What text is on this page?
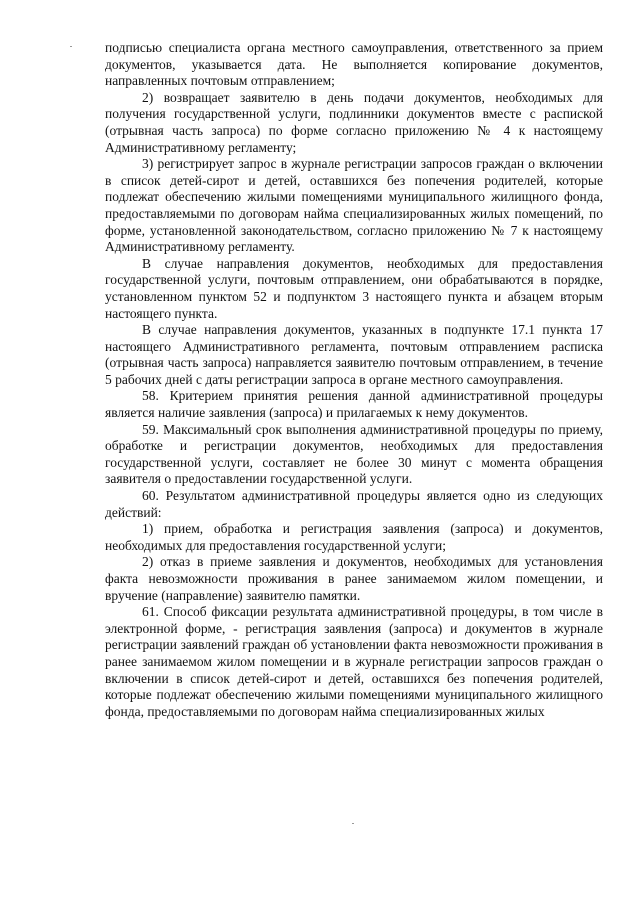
подписью специалиста органа местного самоуправления, ответственного за прием документов, указывается дата. Не выполняется копирование документов, направленных почтовым отправлением;

2) возвращает заявителю в день подачи документов, необходимых для получения государственной услуги, подлинники документов вместе с распиской (отрывная часть запроса) по форме согласно приложению № 4 к настоящему Административному регламенту;

3) регистрирует запрос в журнале регистрации запросов граждан о включении в список детей-сирот и детей, оставшихся без попечения родителей, которые подлежат обеспечению жилыми помещениями муниципального жилищного фонда, предоставляемыми по договорам найма специализированных жилых помещений, по форме, установленной законодательством, согласно приложению № 7 к настоящему Административному регламенту.

В случае направления документов, необходимых для предоставления государственной услуги, почтовым отправлением, они обрабатываются в порядке, установленном пунктом 52 и подпунктом 3 настоящего пункта и абзацем вторым настоящего пункта.

В случае направления документов, указанных в подпункте 17.1 пункта 17 настоящего Административного регламента, почтовым отправлением расписка (отрывная часть запроса) направляется заявителю почтовым отправлением, в течение 5 рабочих дней с даты регистрации запроса в органе местного самоуправления.

58. Критерием принятия решения данной административной процедуры является наличие заявления (запроса) и прилагаемых к нему документов.

59. Максимальный срок выполнения административной процедуры по приему, обработке и регистрации документов, необходимых для предоставления государственной услуги, составляет не более 30 минут с момента обращения заявителя о предоставлении государственной услуги.

60. Результатом административной процедуры является одно из следующих действий:

1) прием, обработка и регистрация заявления (запроса) и документов, необходимых для предоставления государственной услуги;

2) отказ в приеме заявления и документов, необходимых для установления факта невозможности проживания в ранее занимаемом жилом помещении, и вручение (направление) заявителю памятки.

61. Способ фиксации результата административной процедуры, в том числе в электронной форме, - регистрация заявления (запроса) и документов в журнале регистрации заявлений граждан об установлении факта невозможности проживания в ранее занимаемом жилом помещении и в журнале регистрации запросов граждан о включении в список детей-сирот и детей, оставшихся без попечения родителей, которые подлежат обеспечению жилыми помещениями муниципального жилищного фонда, предоставляемыми по договорам найма специализированных жилых
